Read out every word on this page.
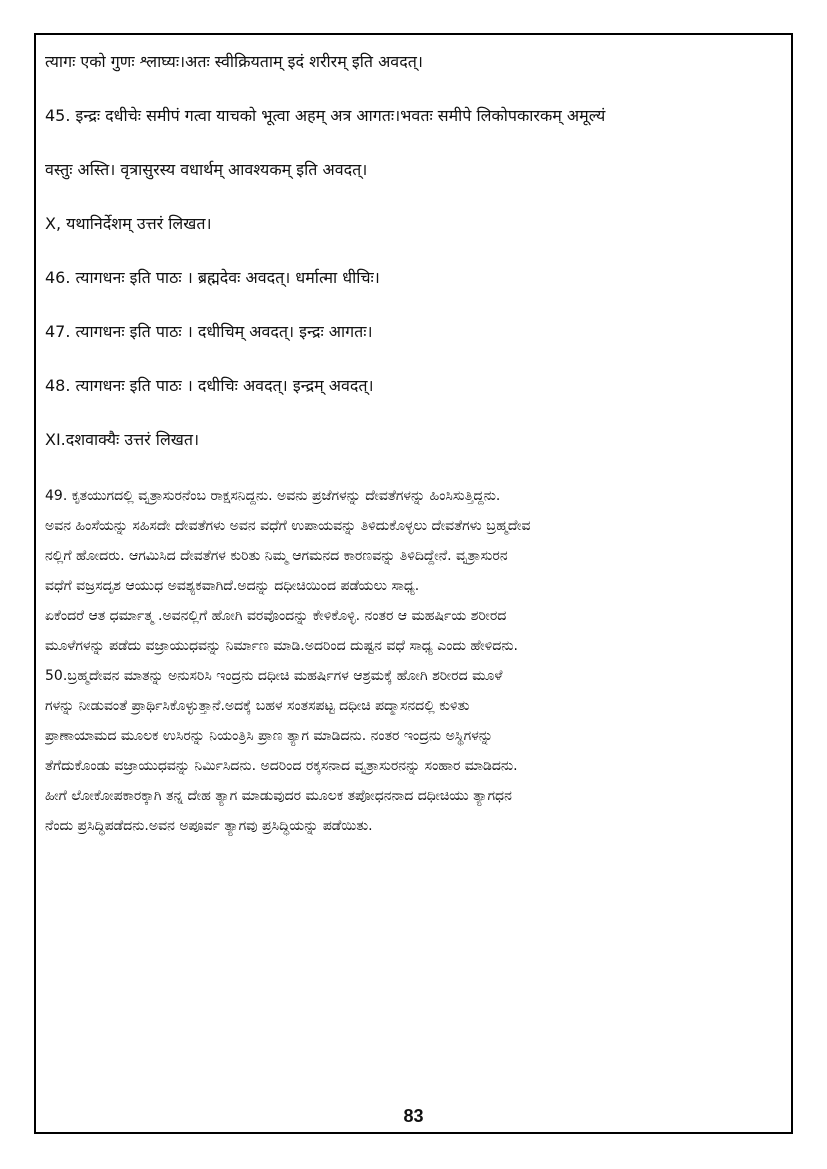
त्यागः एको गुणः श्लाघ्यः।अतः स्वीक्रियताम् इदं शरीरम् इति अवदत्।
45. इन्द्रः दधीचेः समीपं गत्वा याचको भूत्वा अहम् अत्र आगतः।भवतः समीपे लिकोपकारकम् अमूल्यं
वस्तुः अस्ति। वृत्रासुरस्य वधार्थम् आवश्यकम् इति अवदत्।
X, यथानिर्देशम् उत्तरं लिखत।
46. त्यागधनः इति पाठः । ब्रह्मदेवः अवदत्। धर्मात्मा धीचिः।
47. त्यागधनः इति पाठः । दधीचिम् अवदत्। इन्द्रः आगतः।
48. त्यागधनः इति पाठः । दधीचिः अवदत्। इन्द्रम् अवदत्।
XI.दशवाक्यैः उत्तरं लिखत।
49. ಕೃತಯುಗದಲ್ಲಿ ವೃತ್ರಾಸುರನೆಂಬ ರಾಕ್ಷಸನಿದ್ದನು. ಅವನು ಪ್ರಜೆಗಳನ್ನು ದೇವತೆಗಳನ್ನು ಹಿಂಸಿಸುತ್ತಿದ್ದನು.
ಅವನ ಹಿಂಸೆಯನ್ನು ಸಹಿಸದೇ ದೇವತೆಗಳು ಅವನ ವಧೆಗೆ ಉಪಾಯವನ್ನು ತಿಳಿದುಕೊಳ್ಳಲು ದೇವತೆಗಳು ಬ್ರಹ್ಮದೇವ
ನಲ್ಲಿಗೆ ಹೋದರು. ಆಗಮಿಸಿದ ದೇವತೆಗಳ ಕುರಿತು ನಿಮ್ಮ ಆಗಮನದ ಕಾರಣವನ್ನು ತಿಳಿದಿದ್ದೇನೆ. ವೃತ್ರಾಸುರನ
ವಧೆಗೆ ವಜ್ರಸದೃಶ ಆಯುಧ ಅವಶ್ಯಕವಾಗಿದೆ.ಅದನ್ನು ದಧೀಚಿಯಿಂದ ಪಡೆಯಲು ಸಾಧ್ಯ.
ಏಕೆಂದರೆ ಆತ ಧರ್ಮಾತ್ಮ .ಅವನಲ್ಲಿಗೆ ಹೋಗಿ ವರವೊಂದನ್ನು ಕೇಳಿಕೊಳ್ಳಿ. ನಂತರ ಆ ಮಹರ್ಷಿಯ ಶರೀರದ
ಮೂಳೆಗಳನ್ನು ಪಡೆದು ವಜ್ರಾಯುಧವನ್ನು ನಿರ್ಮಾಣ ಮಾಡಿ.ಅದರಿಂದ ದುಷ್ಟನ ವಧೆ ಸಾಧ್ಯ ಎಂದು ಹೇಳಿದನು.
50.ಬ್ರಹ್ಮದೇವನ ಮಾತನ್ನು ಅನುಸರಿಸಿ ಇಂದ್ರನು ದಧೀಚಿ ಮಹರ್ಷಿಗಳ ಆಶ್ರಮಕ್ಕೆ ಹೋಗಿ ಶರೀರದ ಮೂಳೆ
ಗಳನ್ನು ನೀಡುವಂತೆ ಪ್ರಾರ್ಥಿಸಿಕೊಳ್ಳುತ್ತಾನೆ.ಅದಕ್ಕೆ ಬಹಳ ಸಂತಸಪಟ್ಟ ದಧೀಚಿ ಪದ್ಮಾಸನದಲ್ಲಿ ಕುಳಿತು
ಪ್ರಾಣಾಯಾಮದ ಮೂಲಕ ಉಸಿರನ್ನು ನಿಯಂತ್ರಿಸಿ ಪ್ರಾಣ ತ್ಯಾಗ ಮಾಡಿದನು. ನಂತರ ಇಂದ್ರನು ಅಸ್ಥಿಗಳನ್ನು
ತೆಗೆದುಕೊಂಡು ವಜ್ರಾಯುಧವನ್ನು ನಿರ್ಮಿಸಿದನು. ಅದರಿಂದ ರಕ್ಕಸನಾದ ವೃತ್ರಾಸುರನನ್ನು ಸಂಹಾರ ಮಾಡಿದನು.
ಹೀಗೆ ಲೋಕೋಪಕಾರಕ್ಕಾಗಿ ತನ್ನ ದೇಹ ತ್ಯಾಗ ಮಾಡುವುದರ ಮೂಲಕ ತಪೋಧನನಾದ ದಧೀಚಿಯು ತ್ಯಾಗಧನ
ನೆಂದು ಪ್ರಸಿದ್ಧಿಪಡೆದನು.ಅವನ ಅಪೂರ್ವ ತ್ಯಾಗವು ಪ್ರಸಿದ್ಧಿಯನ್ನು ಪಡೆಯಿತು.
83
